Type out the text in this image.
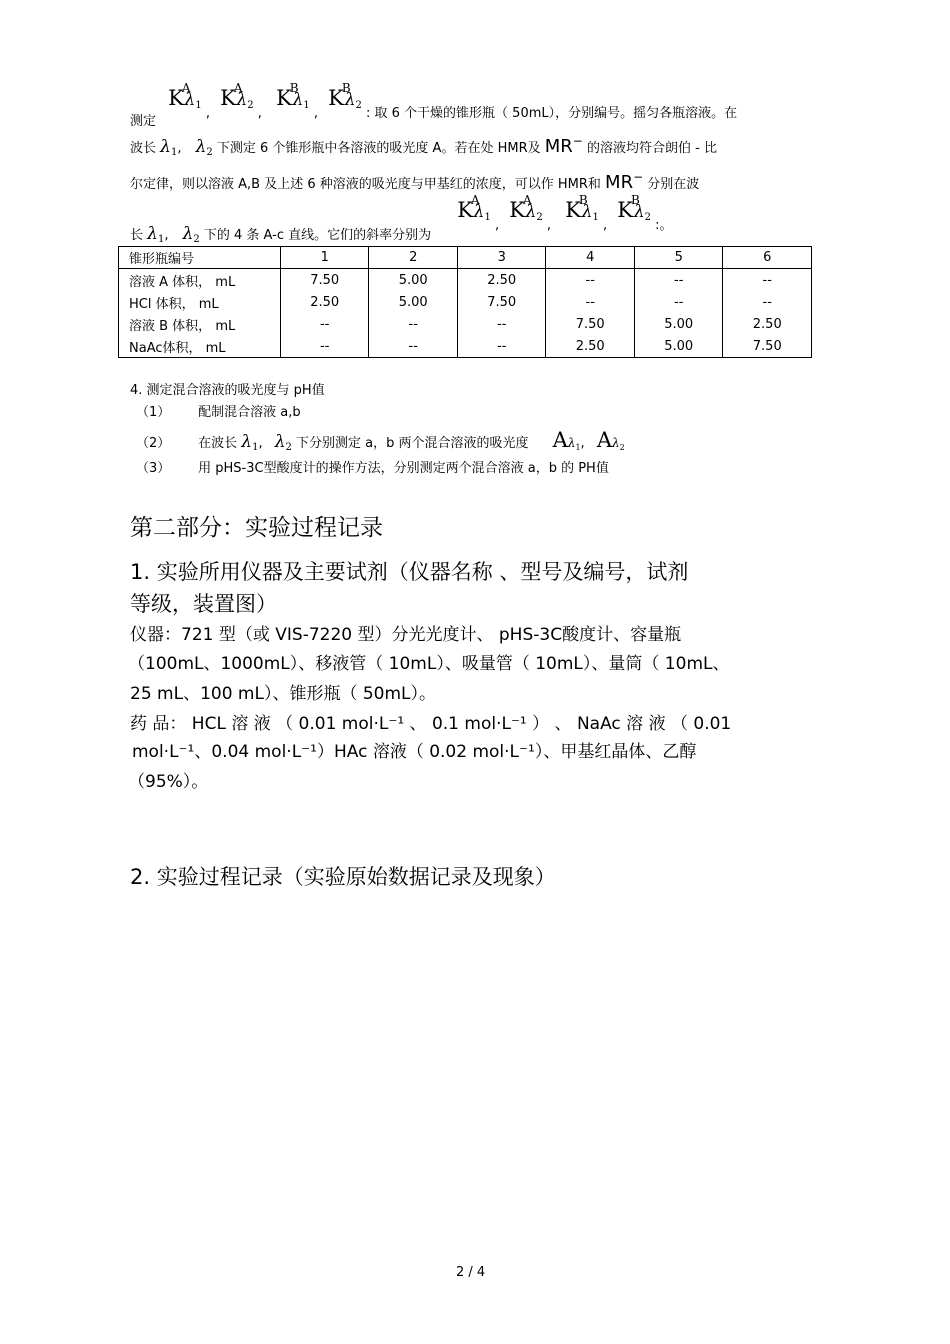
测定 KAλ$_1$ , KAλ$_2$ , KBλ$_1$ , KBλ$_2$ : 取 6 个干燥的锥形瓶（ 50mL），分别编号。摇匀各瓶溶液。在
波长 $\lambda_1$, $\lambda_2$ 下测定 6 个锥形瓶中各溶液的吸光度 A。若在处 HMR及 MR− 的溶液均符合朗伯 - 比
尔定律，则以溶液 A,B 及上述 6 种溶液的吸光度与甲基红的浓度，可以作 HMR和 MR− 分别在波
长 $\lambda_1$, $\lambda_2$ 下的 4 条 A-c 直线。它们的斜率分别为 KAλ$_1$ , KAλ$_2$ , KBλ$_1$ , KBλ$_2$ :。
锥形瓶编号	1	2	3	4	5	6
溶液 A 体积， mL	7.50	5.00	2.50	--	--	--
HCl 体积， mL	2.50	5.00	7.50	--	--	--
溶液 B 体积， mL	--	--	--	7.50	5.00	2.50
NaAc体积， mL	--	--	--	2.50	5.00	7.50
4. 测定混合溶液的吸光度与 pH值
（1） 配制混合溶液 a,b
（2） 在波长 $\lambda_1$, $\lambda_2$ 下分别测定 a，b 两个混合溶液的吸光度 $A\lambda_1$, $A\lambda_2$
（3） 用 pHS-3C型酸度计的操作方法，分别测定两个混合溶液 a，b 的 PH值
第二部分：实验过程记录
1. 实验所用仪器及主要试剂（仪器名称 、型号及编号，试剂
等级，装置图）
仪器：721 型（或 VIS-7220 型）分光光度计、 pHS-3C酸度计、容量瓶
（100mL、1000mL）、移液管（ 10mL）、吸量管（ 10mL）、量筒（ 10mL、
25 mL、100 mL）、锥形瓶（ 50mL）。
药 品： HCL 溶 液 （ 0.01 mol·L⁻¹ 、 0.1 mol·L⁻¹ ） 、 NaAc 溶 液 （ 0.01
mol·L⁻¹、0.04 mol·L⁻¹）HAc 溶液（ 0.02 mol·L⁻¹）、甲基红晶体、乙醇
（95%）。
2. 实验过程记录（实验原始数据记录及现象）
2 / 4
